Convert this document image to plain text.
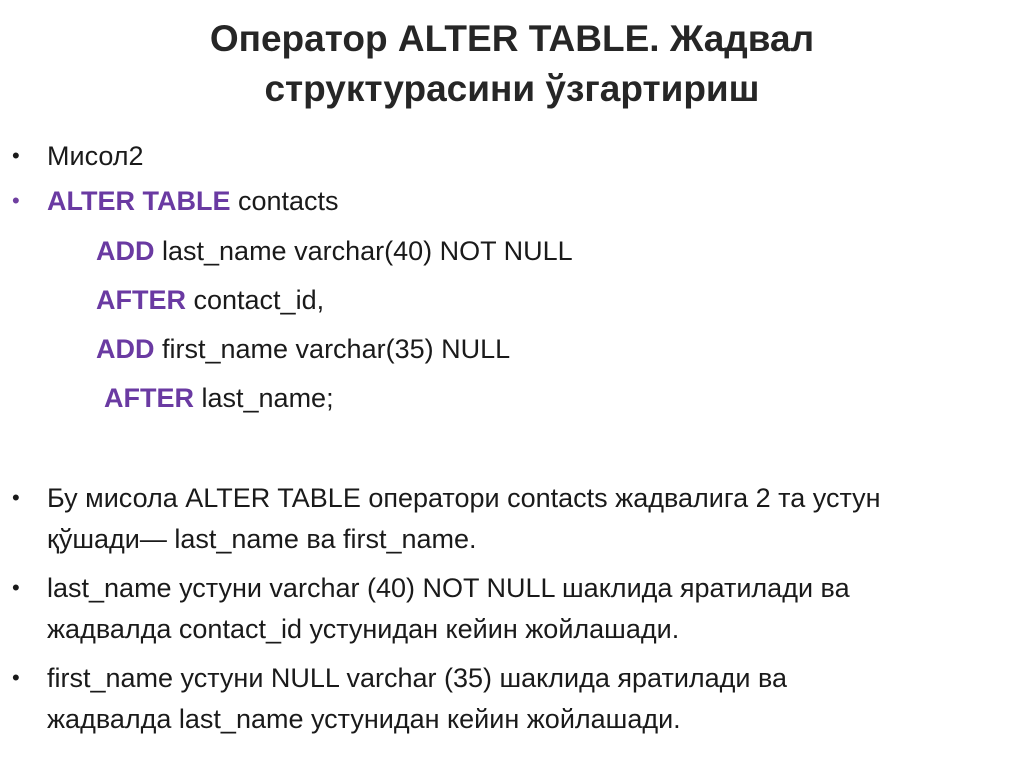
Оператор ALTER TABLE. Жадвал
структурасини ўзгартириш
•	Мисол2
•	ALTER TABLE contacts
ADD last_name varchar(40) NOT NULL
AFTER contact_id,
ADD first_name varchar(35) NULL
AFTER last_name;
•	Бу мисола ALTER TABLE оператори contacts жадвалига 2 та устун
қўшади— last_name ва first_name.
•	last_name устуни varchar (40) NOT NULL шаклида яратилади ва
жадвалда contact_id устунидан кейин жойлашади.
•	first_name устуни NULL varchar (35) шаклида яратилади ва
жадвалда last_name устунидан кейин жойлашади.
